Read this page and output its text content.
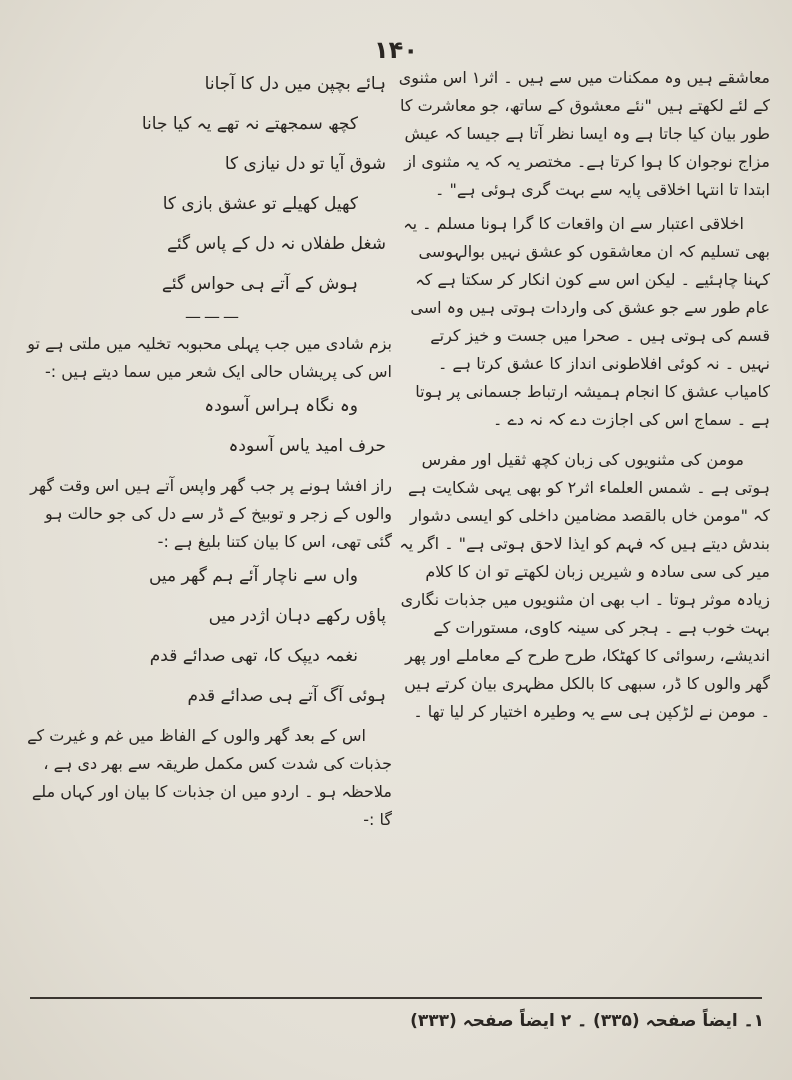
۱۴۰

معاشقے ہیں وہ ممکنات میں سے ہیں ۔ اثر۱ اس مثنوی کے لئے لکھتے ہیں "نئے معشوق کے ساتھ، جو معاشرت کا طور بیان کیا جاتا ہے وہ ایسا نظر آتا ہے جیسا کہ عیش مزاج نوجوان کا ہوا کرتا ہے۔ مختصر یہ کہ یہ مثنوی از ابتدا تا انتہا اخلاقی پایہ سے بہت گری ہوئی ہے" ۔

اخلاقی اعتبار سے ان واقعات کا گرا ہونا مسلم ۔ یہ بھی تسلیم کہ ان معاشقوں کو عشق نہیں بوالہوسی کہنا چاہئیے ۔ لیکن اس سے کون انکار کر سکتا ہے کہ عام طور سے جو عشق کی واردات ہوتی ہیں وہ اسی قسم کی ہوتی ہیں ۔ صحرا میں جست و خیز کرتے نہیں ۔ نہ کوئی افلاطونی انداز کا عشق کرتا ہے ۔ کامیاب عشق کا انجام ہمیشہ ارتباط جسمانی پر ہوتا ہے ۔ سماج اس کی اجازت دے کہ نہ دے ۔

مومن کی مثنویوں کی زبان کچھ ثقیل اور مفرس ہوتی ہے ۔ شمس العلماء اثر۲ کو بھی یہی شکایت ہے کہ "مومن خاں بالقصد مضامین داخلی کو ایسی دشوار بندش دیتے ہیں کہ فہم کو ایذا لاحق ہوتی ہے" ۔ اگر یہ میر کی سی سادہ و شیریں زبان لکھتے تو ان کا کلام زیادہ موثر ہوتا ۔ اب بھی ان مثنویوں میں جذبات نگاری بہت خوب ہے ۔ ہجر کی سینہ کاوی، مستورات کے اندیشے، رسوائی کا کھٹکا، طرح طرح کے معاملے اور پھر گھر والوں کا ڈر، سبھی کا بالکل مظہری بیان کرتے ہیں ۔ مومن نے لڑکپن ہی سے یہ وطیرہ اختیار کر لیا تھا ۔

ہائے بچپن میں دل کا آجانا
کچھ سمجھتے نہ تھے یہ کیا جانا
شوق آیا تو دل نیازی کا
کھیل کھیلے تو عشق بازی کا
شغل طفلاں نہ دل کے پاس گئے
ہوش کے آتے ہی حواس گئے
———

بزم شادی میں جب پہلی محبوبہ تخلیہ میں ملتی ہے تو اس کی پریشاں حالی ایک شعر میں سما دیتے ہیں :-

وہ نگاہ ہراس آسودہ
حرف امید یاس آسودہ

راز افشا ہونے پر جب گھر واپس آتے ہیں اس وقت گھر والوں کے زجر و توبیخ کے ڈر سے دل کی جو حالت ہو گئی تھی، اس کا بیان کتنا بلیغ ہے :-

واں سے ناچار آئے ہم گھر میں
پاؤں رکھے دہان اژدر میں
نغمہ دیپک کا، تھی صدائے قدم
ہوئی آگ آتے ہی صدائے قدم

اس کے بعد گھر والوں کے الفاظ میں غم و غیرت کے جذبات کی شدت کس مکمل طریقہ سے بھر دی ہے ، ملاحظہ ہو ۔ اردو میں ان جذبات کا بیان اور کہاں ملے گا :-

۱۔ ایضاً صفحہ (۳۳۵) ۔ ۲ ایضاً صفحہ (۳۳۳)
